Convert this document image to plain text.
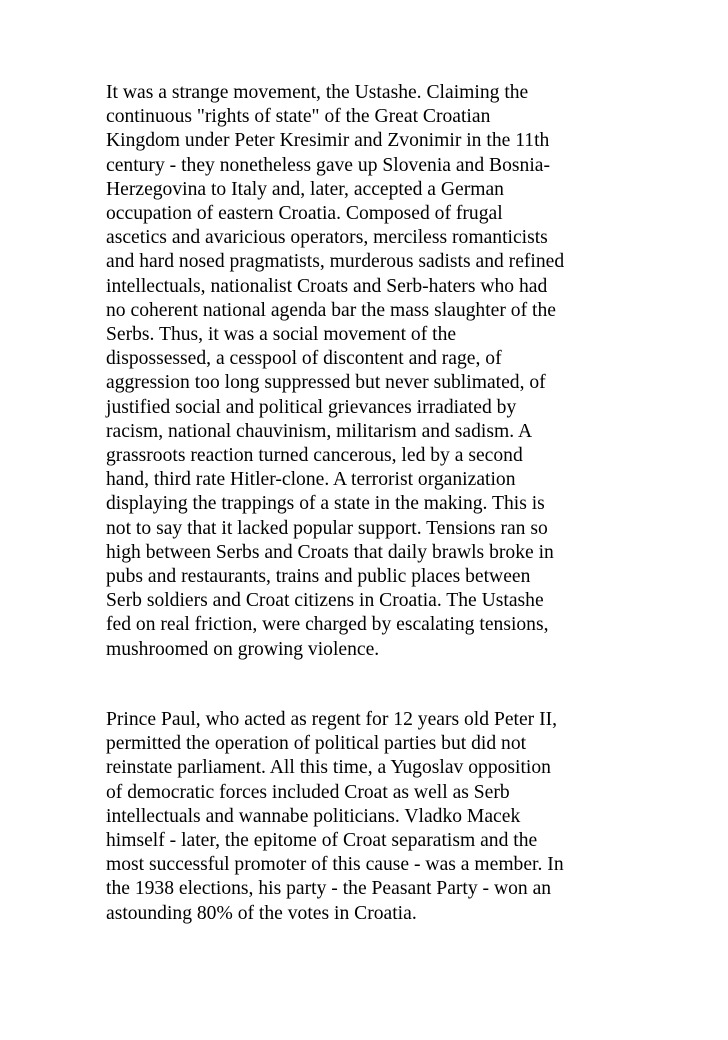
It was a strange movement, the Ustashe. Claiming the
continuous "rights of state" of the Great Croatian
Kingdom under Peter Kresimir and Zvonimir in the 11th
century - they nonetheless gave up Slovenia and Bosnia-
Herzegovina to Italy and, later, accepted a German
occupation of eastern Croatia. Composed of frugal
ascetics and avaricious operators, merciless romanticists
and hard nosed pragmatists, murderous sadists and refined
intellectuals, nationalist Croats and Serb-haters who had
no coherent national agenda bar the mass slaughter of the
Serbs. Thus, it was a social movement of the
dispossessed, a cesspool of discontent and rage, of
aggression too long suppressed but never sublimated, of
justified social and political grievances irradiated by
racism, national chauvinism, militarism and sadism. A
grassroots reaction turned cancerous, led by a second
hand, third rate Hitler-clone. A terrorist organization
displaying the trappings of a state in the making. This is
not to say that it lacked popular support. Tensions ran so
high between Serbs and Croats that daily brawls broke in
pubs and restaurants, trains and public places between
Serb soldiers and Croat citizens in Croatia. The Ustashe
fed on real friction, were charged by escalating tensions,
mushroomed on growing violence.
Prince Paul, who acted as regent for 12 years old Peter II,
permitted the operation of political parties but did not
reinstate parliament. All this time, a Yugoslav opposition
of democratic forces included Croat as well as Serb
intellectuals and wannabe politicians. Vladko Macek
himself - later, the epitome of Croat separatism and the
most successful promoter of this cause - was a member. In
the 1938 elections, his party - the Peasant Party - won an
astounding 80% of the votes in Croatia.
